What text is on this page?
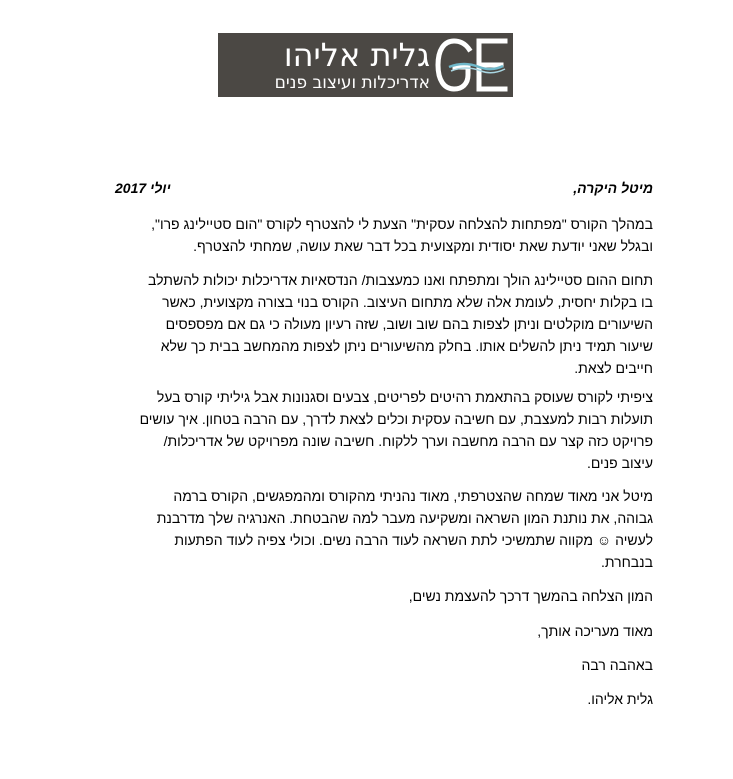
גלית אליהו
אדריכלות ועיצוב פנים
מיטל היקרה,
יולי 2017

במהלך הקורס "מפתחות להצלחה עסקית" הצעת לי להצטרף לקורס "הום סטיילינג פרו",
ובגלל שאני יודעת שאת יסודית ומקצועית בכל דבר שאת עושה, שמחתי להצטרף.

תחום ההום סטיילינג הולך ומתפתח ואנו כמעצבות/ הנדסאיות אדריכלות יכולות להשתלב
בו בקלות יחסית, לעומת אלה שלא מתחום העיצוב. הקורס בנוי בצורה מקצועית, כאשר
השיעורים מוקלטים וניתן לצפות בהם שוב ושוב, שזה רעיון מעולה כי גם אם מפספסים
שיעור תמיד ניתן להשלים אותו. בחלק מהשיעורים ניתן לצפות מהמחשב בבית כך שלא
חייבים לצאת.

ציפיתי לקורס שעוסק בהתאמת רהיטים לפריטים, צבעים וסגנונות אבל גיליתי קורס בעל
תועלות רבות למעצבת, עם חשיבה עסקית וכלים לצאת לדרך, עם הרבה בטחון. איך עושים
פרויקט כזה קצר עם הרבה מחשבה וערך ללקוח. חשיבה שונה מפרויקט של אדריכלות/
עיצוב פנים.

מיטל אני מאוד שמחה שהצטרפתי, מאוד נהניתי מהקורס ומהמפגשים, הקורס ברמה
גבוהה, את נותנת המון השראה ומשקיעה מעבר למה שהבטחת. האנרגיה שלך מדרבנת
לעשיה ☺ מקווה שתמשיכי לתת השראה לעוד הרבה נשים. וכולי צפיה לעוד הפתעות
בנבחרת.

המון הצלחה בהמשך דרכך להעצמת נשים,

מאוד מעריכה אותך,

באהבה רבה

גלית אליהו.
